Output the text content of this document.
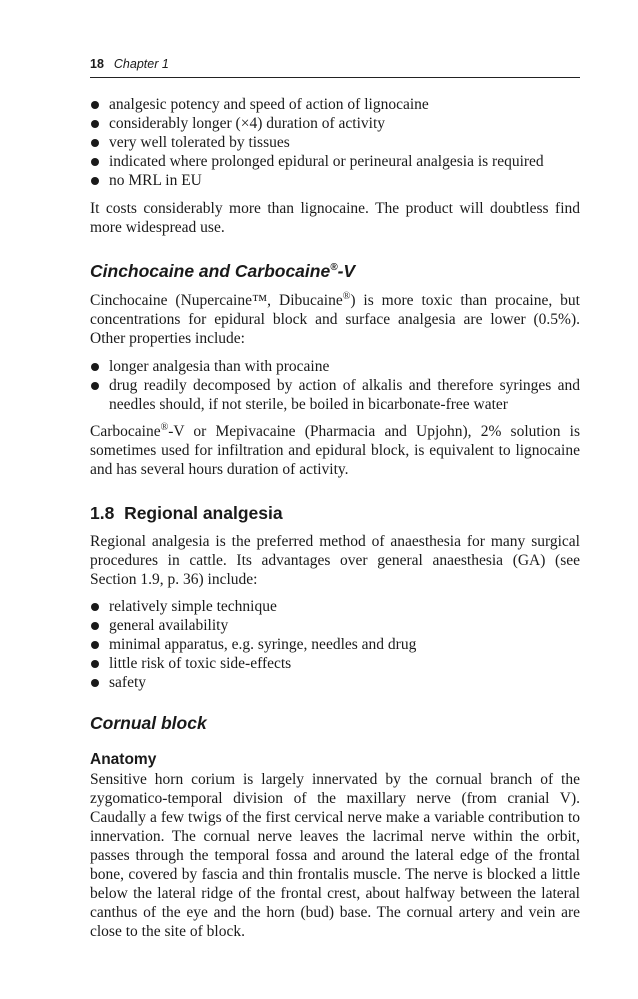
18 Chapter 1
analgesic potency and speed of action of lignocaine
considerably longer (×4) duration of activity
very well tolerated by tissues
indicated where prolonged epidural or perineural analgesia is required
no MRL in EU

It costs considerably more than lignocaine. The product will doubtless find
more widespread use.

Cinchocaine and Carbocaine®-V

Cinchocaine (Nupercaine™, Dibucaine®) is more toxic than procaine, but
concentrations for epidural block and surface analgesia are lower (0.5%).
Other properties include:

longer analgesia than with procaine
drug readily decomposed by action of alkalis and therefore syringes and
needles should, if not sterile, be boiled in bicarbonate-free water

Carbocaine®-V or Mepivacaine (Pharmacia and Upjohn), 2% solution is
sometimes used for infiltration and epidural block, is equivalent to lignocaine
and has several hours duration of activity.

1.8 Regional analgesia

Regional analgesia is the preferred method of anaesthesia for many surgical
procedures in cattle. Its advantages over general anaesthesia (GA) (see
Section 1.9, p. 36) include:

relatively simple technique
general availability
minimal apparatus, e.g. syringe, needles and drug
little risk of toxic side-effects
safety
Cornual block
Anatomy

Sensitive horn corium is largely innervated by the cornual branch of the
zygomatico-temporal division of the maxillary nerve (from cranial V).
Caudally a few twigs of the first cervical nerve make a variable contribution to
innervation. The cornual nerve leaves the lacrimal nerve within the orbit,
passes through the temporal fossa and around the lateral edge of the frontal
bone, covered by fascia and thin frontalis muscle. The nerve is blocked a little
below the lateral ridge of the frontal crest, about halfway between the lateral
canthus of the eye and the horn (bud) base. The cornual artery and vein are
close to the site of block.
